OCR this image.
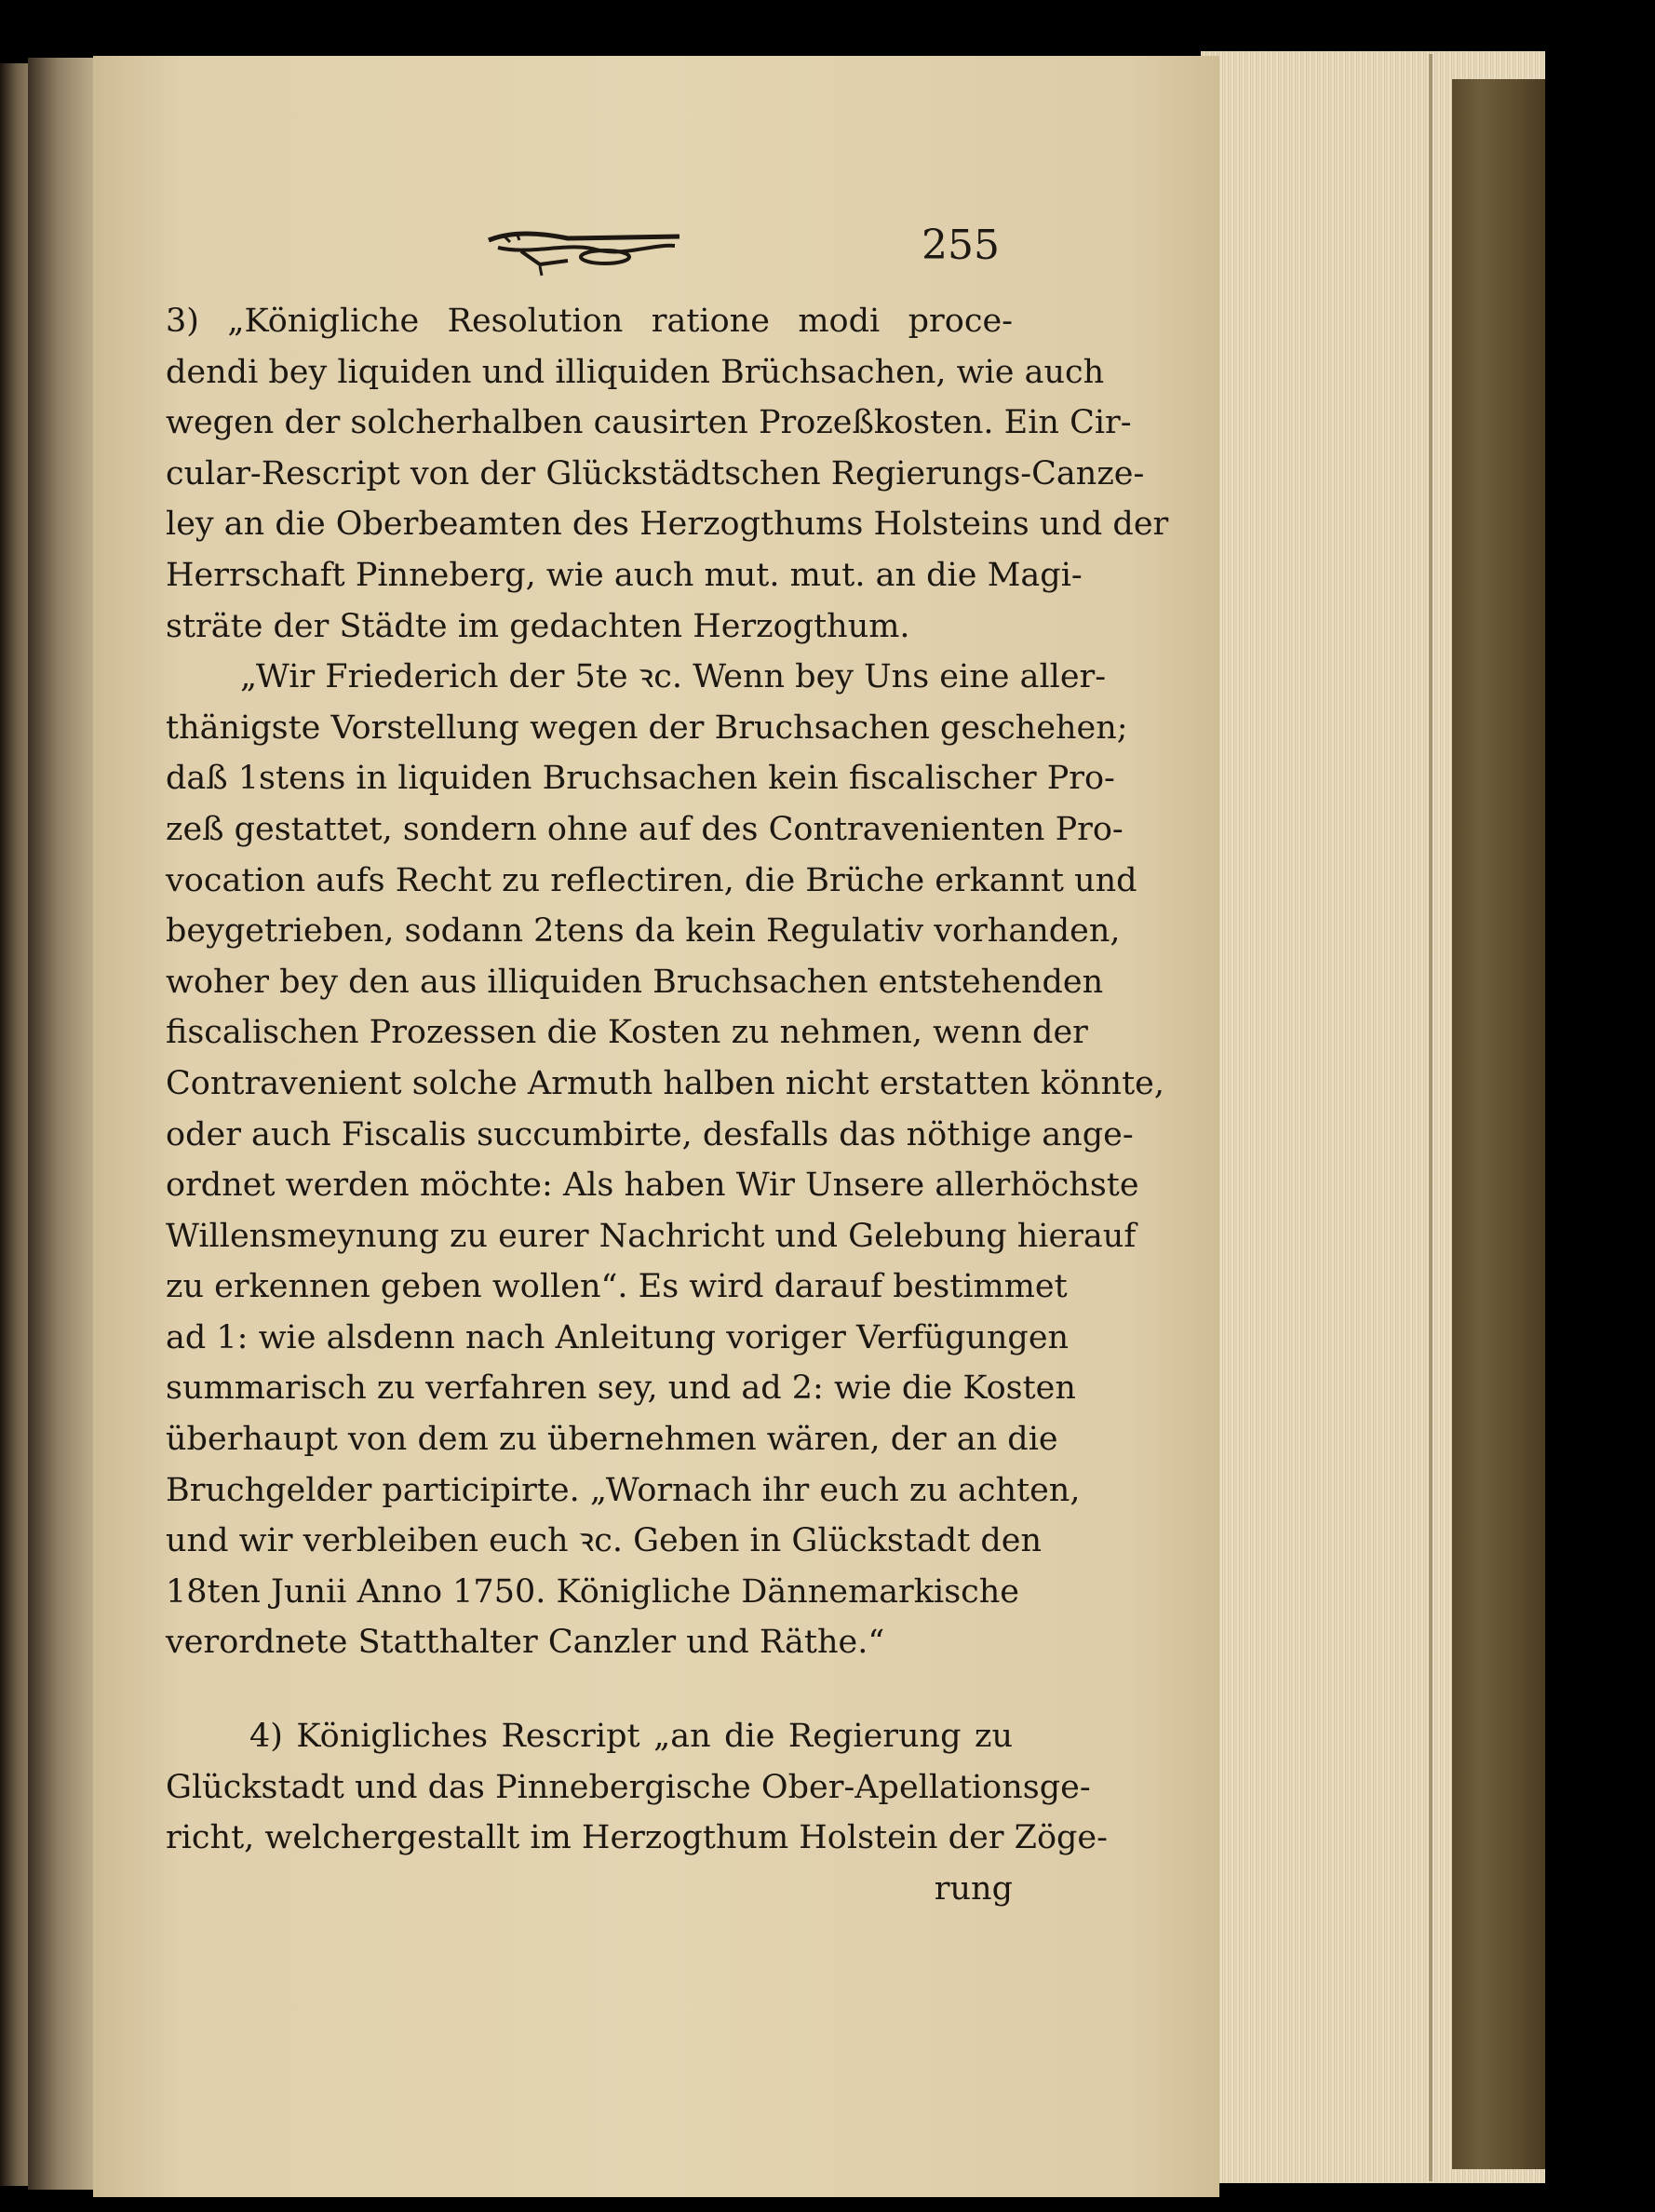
255
3) „Königliche Resolution ratione modi proce-
dendi bey liquiden und illiquiden Brüchsachen, wie auch
wegen der solcherhalben causirten Prozeßkosten. Ein Cir-
cular-Rescript von der Glückstädtschen Regierungs-Canze-
ley an die Oberbeamten des Herzogthums Holsteins und der
Herrschaft Pinneberg, wie auch mut. mut. an die Magi-
sträte der Städte im gedachten Herzogthum.
„Wir Friederich der 5te ꝛc. Wenn bey Uns eine aller-
thänigste Vorstellung wegen der Bruchsachen geschehen;
daß 1stens in liquiden Bruchsachen kein fiscalischer Pro-
zeß gestattet, sondern ohne auf des Contravenienten Pro-
vocation aufs Recht zu reflectiren, die Brüche erkannt und
beygetrieben, sodann 2tens da kein Regulativ vorhanden,
woher bey den aus illiquiden Bruchsachen entstehenden
fiscalischen Prozessen die Kosten zu nehmen, wenn der
Contravenient solche Armuth halben nicht erstatten könnte,
oder auch Fiscalis succumbirte, desfalls das nöthige ange-
ordnet werden möchte: Als haben Wir Unsere allerhöchste
Willensmeynung zu eurer Nachricht und Gelebung hierauf
zu erkennen geben wollen“. Es wird darauf bestimmet
ad 1: wie alsdenn nach Anleitung voriger Verfügungen
summarisch zu verfahren sey, und ad 2: wie die Kosten
überhaupt von dem zu übernehmen wären, der an die
Bruchgelder participirte. „Wornach ihr euch zu achten,
und wir verbleiben euch ꝛc. Geben in Glückstadt den
18ten Junii Anno 1750. Königliche Dännemarkische
verordnete Statthalter Canzler und Räthe.“
4) Königliches Rescript „an die Regierung zu
Glückstadt und das Pinnebergische Ober-Apellationsge-
richt, welchergestallt im Herzogthum Holstein der Zöge-
rung
